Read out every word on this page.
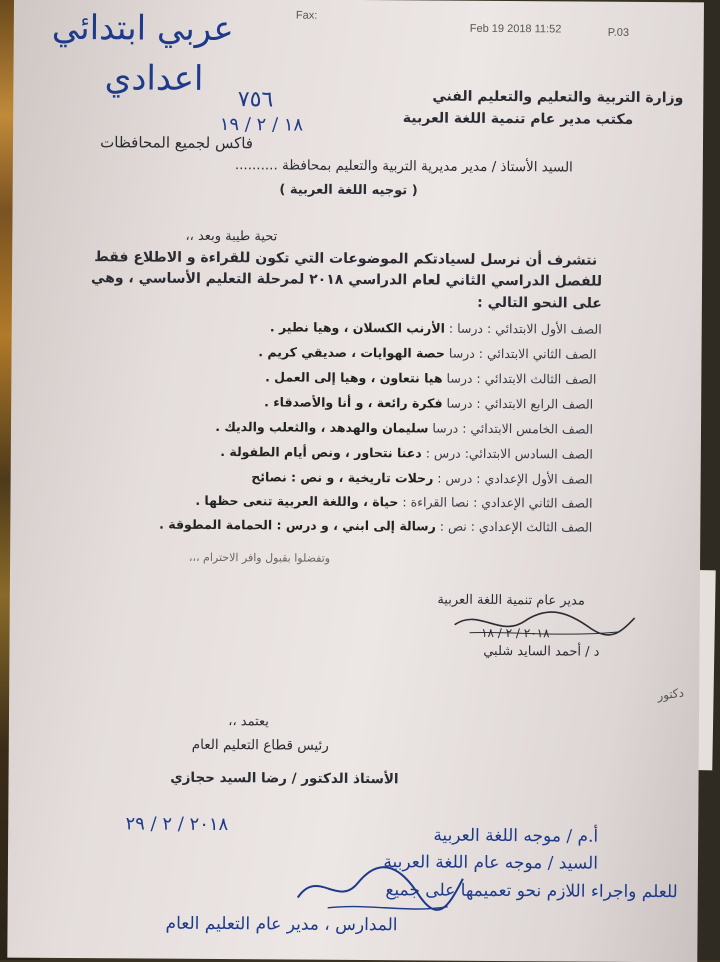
Fax:
Feb 19 2018 11:52	P.03
عربي ابتدائي
اعدادي
٧٥٦
١٨ / ٢ / ١٩
وزارة التربية والتعليم والتعليم الفني
مكتب مدير عام تنمية اللغة العربية
فاكس لجميع المحافظات
السيد الأستاذ / مدير مديرية التربية والتعليم بمحافظة ..........
( توجيه اللغة العربية )
تحية طيبة وبعد ،،
نتشرف أن نرسل لسيادتكم الموضوعات التي تكون للقراءة و الاطلاع فقط
للفصل الدراسي الثاني لعام الدراسي ٢٠١٨ لمرحلة التعليم الأساسي ، وهي
على النحو التالي :
الصف الأول الابتدائي : درسا : الأرنب الكسلان ، وهيا نطير .
الصف الثاني الابتدائي : درسا حصة الهوايات ، صديقي كريم .
الصف الثالث الابتدائي : درسا هيا نتعاون ، وهيا إلى العمل .
الصف الرابع الابتدائي : درسا فكرة رائعة ، و أنا والأصدقاء .
الصف الخامس الابتدائي : درسا سليمان والهدهد ، والثعلب والديك .
الصف السادس الابتدائي: درس : دعنا نتحاور ، ونص أيام الطفولة .
الصف الأول الإعدادي : درس : رحلات تاريخية ، و نص : نصائح
الصف الثاني الإعدادي : نصا القراءة : حياة ، واللغة العربية تنعى حظها .
الصف الثالث الإعدادي : نص : رسالة إلى ابني ، و درس : الحمامة المطوقة .
وتفضلوا بقبول وافر الاحترام ،،،
مدير عام تنمية اللغة العربية
٢٠١٨ / ٢ / ١٨
د / أحمد السايد شلبي
دكتور
يعتمد ،،
رئيس قطاع التعليم العام
الأستاذ الدكتور / رضا السيد حجازي
٢٠١٨ / ٢ / ٢٩
أ.م / موجه اللغة العربية
السيد / موجه عام اللغة العربية
للعلم واجراء اللازم نحو تعميمها على جميع
المدارس ، مدير عام التعليم العام
